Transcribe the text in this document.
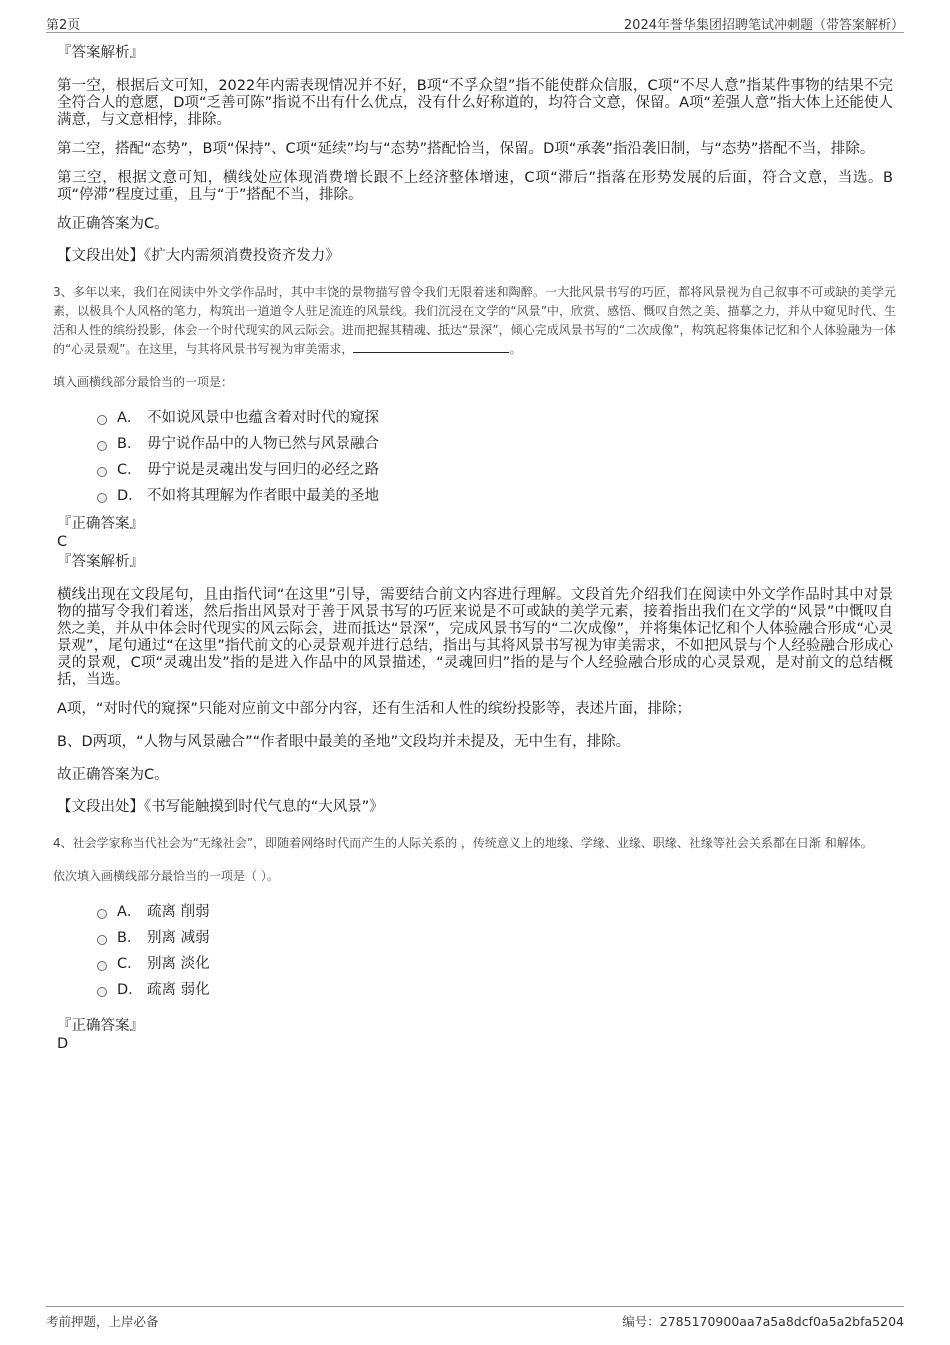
第2页	2024年誉华集团招聘笔试冲刺题（带答案解析）

『答案解析』

第一空，根据后文可知，2022年内需表现情况并不好，B项“不孚众望”指不能使群众信服，C项“不尽人意”指某件事物的结果不完全符合人的意愿，D项“乏善可陈”指说不出有什么优点，没有什么好称道的，均符合文意，保留。A项“差强人意”指大体上还能使人满意，与文意相悖，排除。

第二空，搭配“态势”，B项“保持”、C项“延续”均与“态势”搭配恰当，保留。D项“承袭”指沿袭旧制，与“态势”搭配不当，排除。

第三空，根据文意可知，横线处应体现消费增长跟不上经济整体增速，C项“滞后”指落在形势发展的后面，符合文意，当选。B项“停滞”程度过重，且与“于”搭配不当，排除。

故正确答案为C。

【文段出处】《扩大内需须消费投资齐发力》

3、多年以来，我们在阅读中外文学作品时，其中丰饶的景物描写曾令我们无限着迷和陶醉。一大批风景书写的巧匠，都将风景视为自己叙事不可或缺的美学元素，以极具个人风格的笔力，构筑出一道道令人驻足流连的风景线。我们沉浸在文学的“风景”中，欣赏、感悟、慨叹自然之美、描摹之力，并从中窥见时代、生活和人性的缤纷投影，体会一个时代现实的风云际会。进而把握其精魂、抵达“景深”，倾心完成风景书写的“二次成像”，构筑起将集体记忆和个人体验融为一体的“心灵景观”。在这里，与其将风景书写视为审美需求，	。

填入画横线部分最恰当的一项是：

A． 不如说风景中也蕴含着对时代的窥探
B． 毋宁说作品中的人物已然与风景融合
C． 毋宁说是灵魂出发与回归的必经之路
D． 不如将其理解为作者眼中最美的圣地

『正确答案』

C

『答案解析』

横线出现在文段尾句，且由指代词“在这里”引导，需要结合前文内容进行理解。文段首先介绍我们在阅读中外文学作品时其中对景物的描写令我们着迷，然后指出风景对于善于风景书写的巧匠来说是不可或缺的美学元素，接着指出我们在文学的“风景”中慨叹自然之美，并从中体会时代现实的风云际会，进而抵达“景深”，完成风景书写的“二次成像”，并将集体记忆和个人体验融合形成“心灵景观”，尾句通过“在这里”指代前文的心灵景观并进行总结，指出与其将风景书写视为审美需求，不如把风景与个人经验融合形成心灵的景观，C项“灵魂出发”指的是进入作品中的风景描述，“灵魂回归”指的是与个人经验融合形成的心灵景观，是对前文的总结概括，当选。

A项，“对时代的窥探”只能对应前文中部分内容，还有生活和人性的缤纷投影等，表述片面，排除；

B、D两项，“人物与风景融合”“作者眼中最美的圣地”文段均并未提及，无中生有，排除。

故正确答案为C。

【文段出处】《书写能触摸到时代气息的“大风景”》

4、社会学家称当代社会为“无缘社会”，即随着网络时代而产生的人际关系的 ，传统意义上的地缘、学缘、业缘、职缘、社缘等社会关系都在日渐 和解体。

依次填入画横线部分最恰当的一项是（ ）。

A． 疏离 削弱
B． 别离 减弱
C． 别离 淡化
D． 疏离 弱化

『正确答案』

D

考前押题，上岸必备	编号：2785170900aa7a5a8dcf0a5a2bfa5204
